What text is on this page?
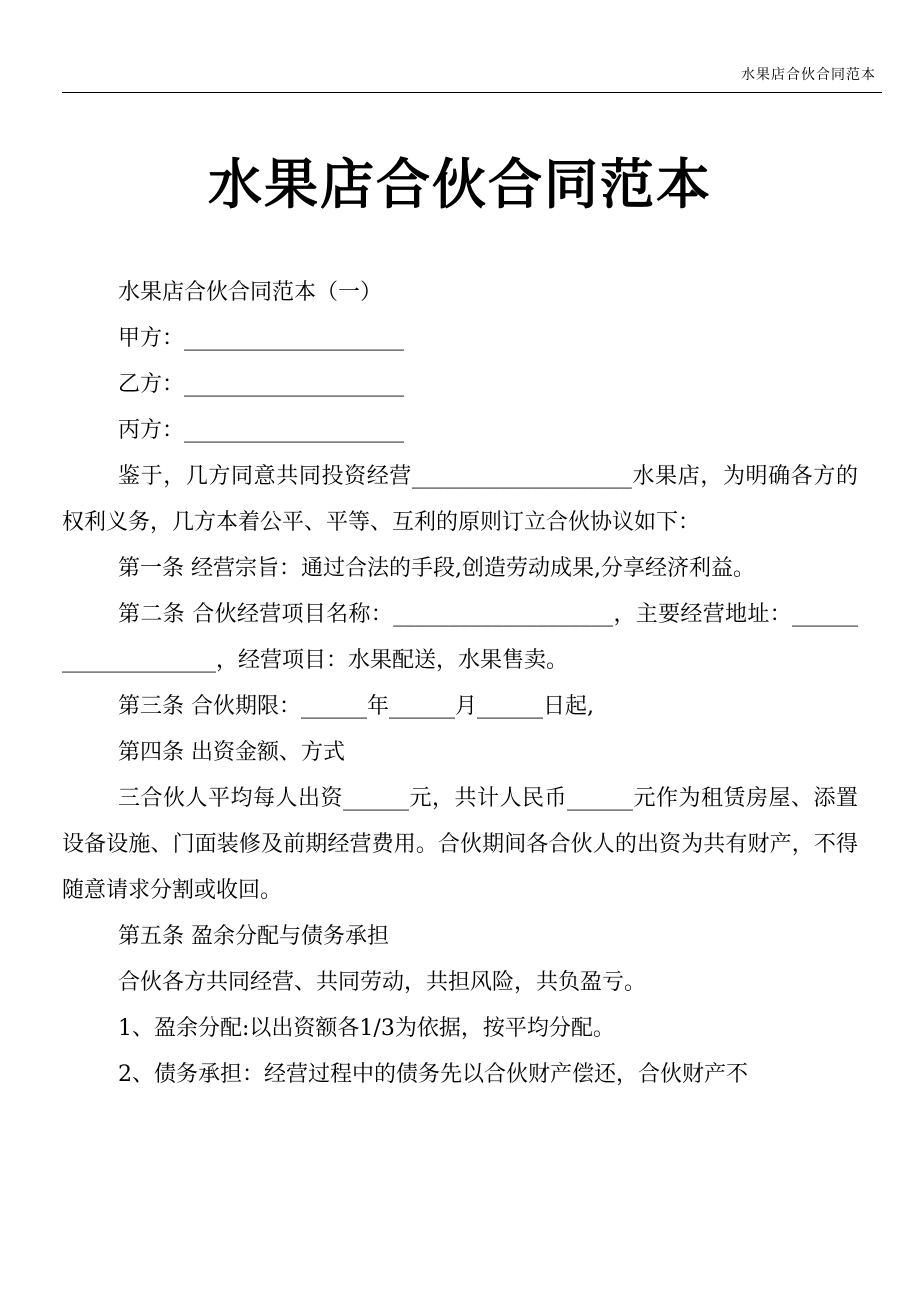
水果店合伙合同范本
水果店合伙合同范本

水果店合伙合同范本（一）

甲方：____________________

乙方：____________________

丙方：____________________

鉴于，几方同意共同投资经营____________________水果店，为明确各方的权利义务，几方本着公平、平等、互利的原则订立合伙协议如下：

第一条 经营宗旨：通过合法的手段,创造劳动成果,分享经济利益。

第二条 合伙经营项目名称：____________________，主要经营地址：____________________，经营项目：水果配送，水果售卖。

第三条 合伙期限：______年______月______日起,

第四条 出资金额、方式

三合伙人平均每人出资______元，共计人民币______元作为租赁房屋、添置设备设施、门面装修及前期经营费用。合伙期间各合伙人的出资为共有财产，不得随意请求分割或收回。

第五条 盈余分配与债务承担

合伙各方共同经营、共同劳动，共担风险，共负盈亏。

1、盈余分配:以出资额各1/3为依据，按平均分配。

2、债务承担：经营过程中的债务先以合伙财产偿还，合伙财产不
